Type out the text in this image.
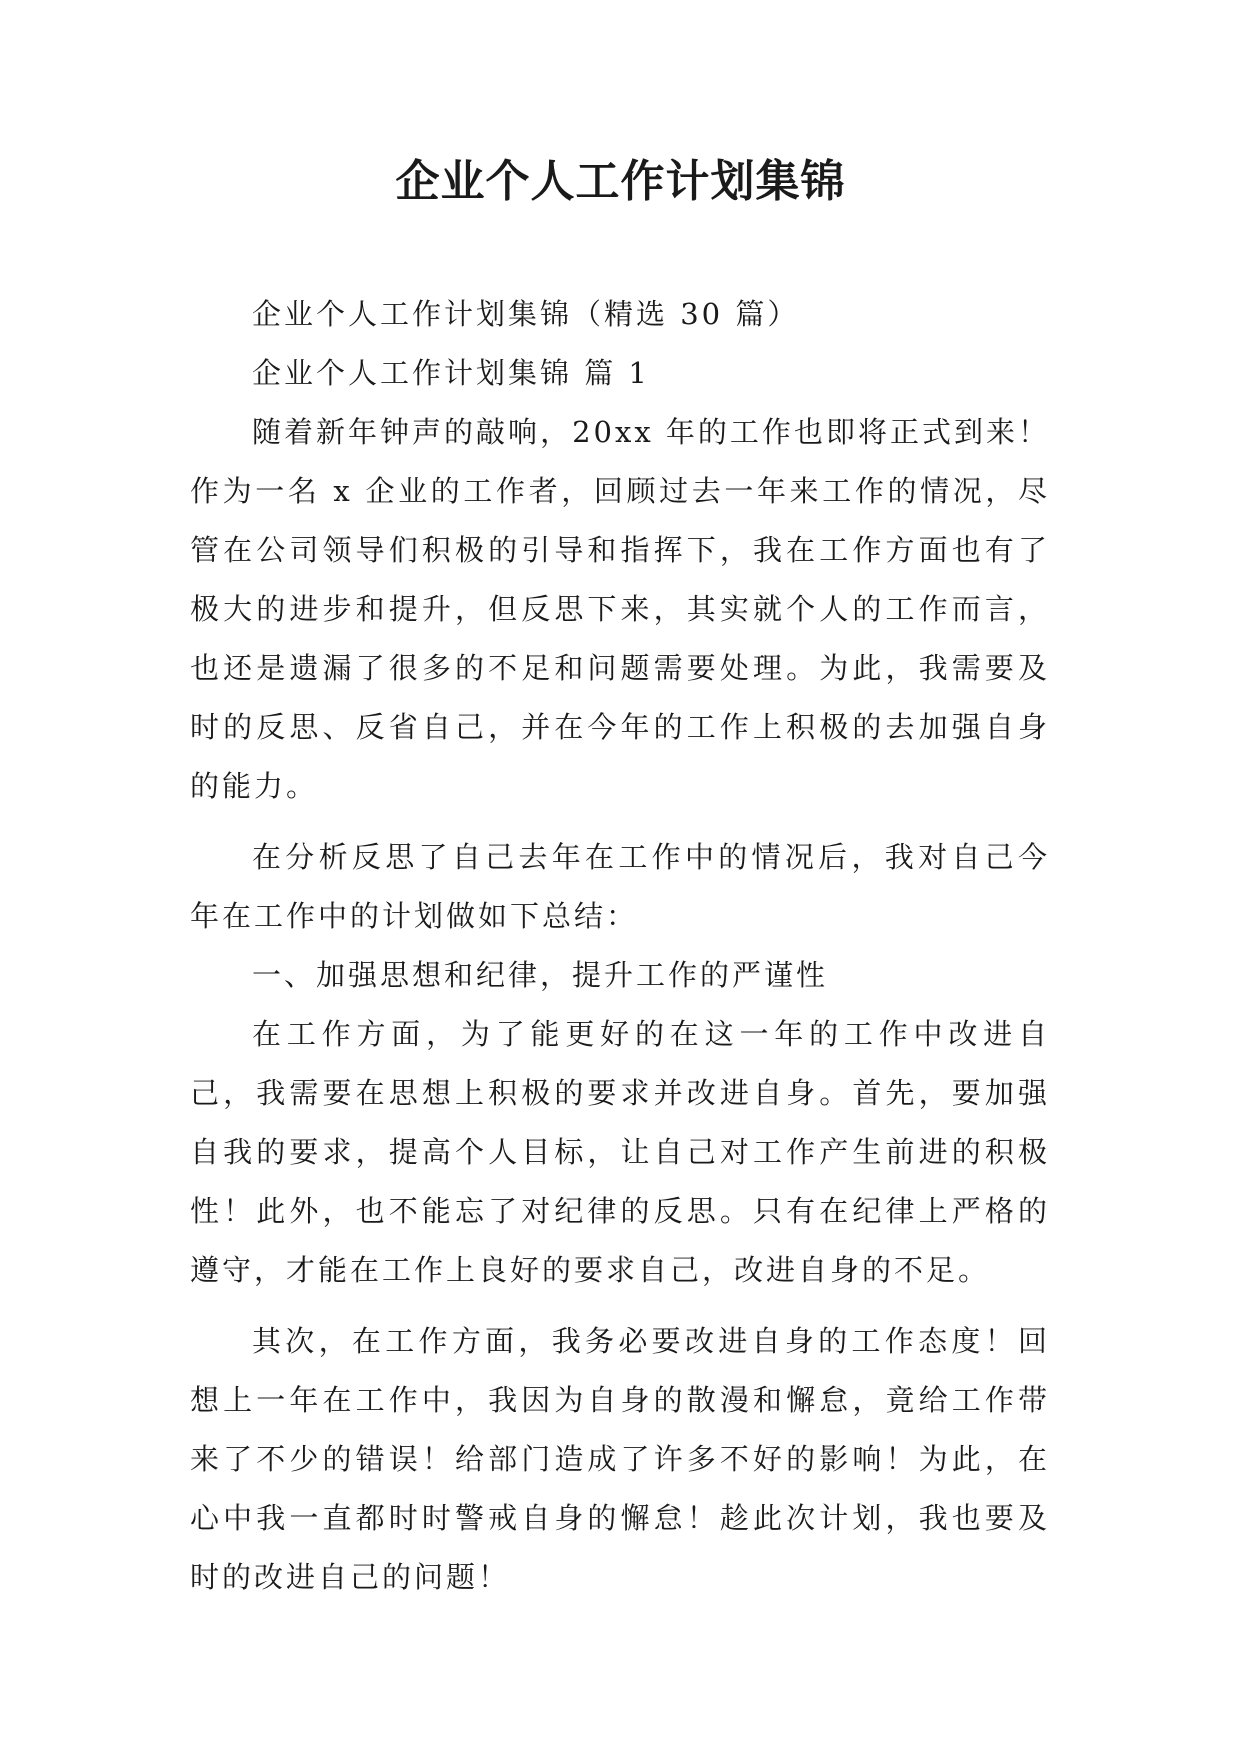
企业个人工作计划集锦

企业个人工作计划集锦（精选 30 篇）

企业个人工作计划集锦 篇 1

随着新年钟声的敲响，20xx 年的工作也即将正式到来！作为一名 x 企业的工作者，回顾过去一年来工作的情况，尽管在公司领导们积极的引导和指挥下，我在工作方面也有了极大的进步和提升，但反思下来，其实就个人的工作而言，也还是遗漏了很多的不足和问题需要处理。为此，我需要及时的反思、反省自己，并在今年的工作上积极的去加强自身的能力。

在分析反思了自己去年在工作中的情况后，我对自己今年在工作中的计划做如下总结：

一、加强思想和纪律，提升工作的严谨性

在工作方面，为了能更好的在这一年的工作中改进自己，我需要在思想上积极的要求并改进自身。首先，要加强自我的要求，提高个人目标，让自己对工作产生前进的积极性！此外，也不能忘了对纪律的反思。只有在纪律上严格的遵守，才能在工作上良好的要求自己，改进自身的不足。

其次，在工作方面，我务必要改进自身的工作态度！回想上一年在工作中，我因为自身的散漫和懈怠，竟给工作带来了不少的错误！给部门造成了许多不好的影响！为此，在心中我一直都时时警戒自身的懈怠！趁此次计划，我也要及时的改进自己的问题！
